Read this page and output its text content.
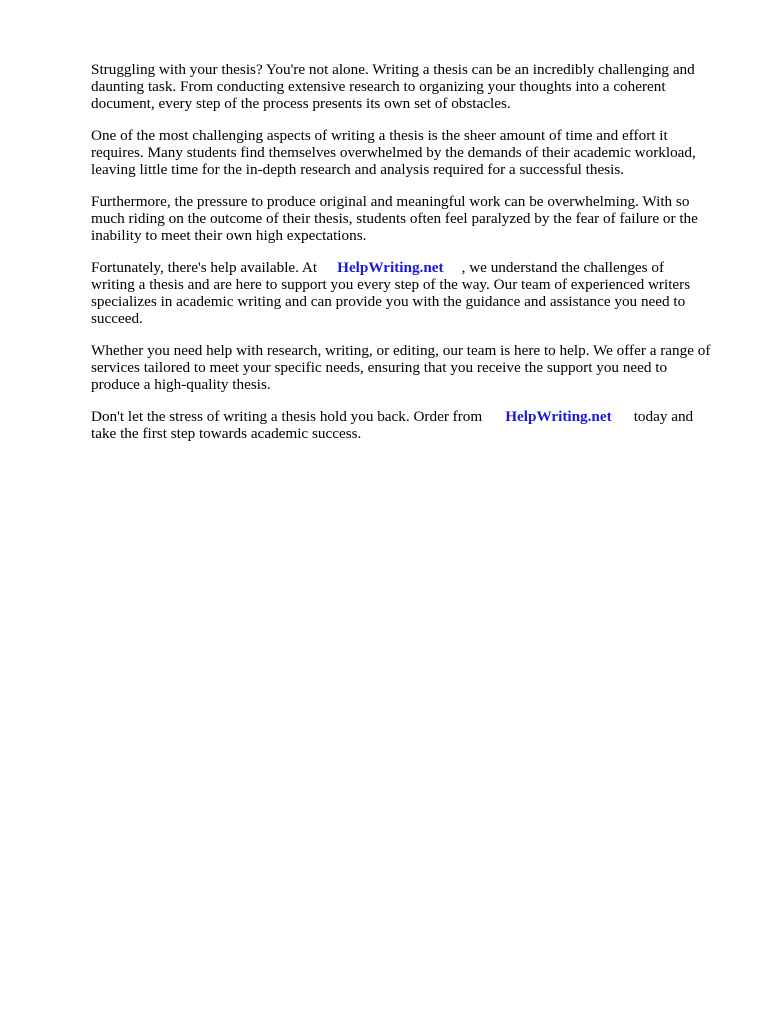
Struggling with your thesis? You're not alone. Writing a thesis can be an incredibly challenging and daunting task. From conducting extensive research to organizing your thoughts into a coherent document, every step of the process presents its own set of obstacles.

One of the most challenging aspects of writing a thesis is the sheer amount of time and effort it requires. Many students find themselves overwhelmed by the demands of their academic workload, leaving little time for the in-depth research and analysis required for a successful thesis.

Furthermore, the pressure to produce original and meaningful work can be overwhelming. With so much riding on the outcome of their thesis, students often feel paralyzed by the fear of failure or the inability to meet their own high expectations.

Fortunately, there's help available. At HelpWriting.net , we understand the challenges of writing a thesis and are here to support you every step of the way. Our team of experienced writers specializes in academic writing and can provide you with the guidance and assistance you need to succeed.

Whether you need help with research, writing, or editing, our team is here to help. We offer a range of services tailored to meet your specific needs, ensuring that you receive the support you need to produce a high-quality thesis.

Don't let the stress of writing a thesis hold you back. Order from HelpWriting.net today and take the first step towards academic success.
